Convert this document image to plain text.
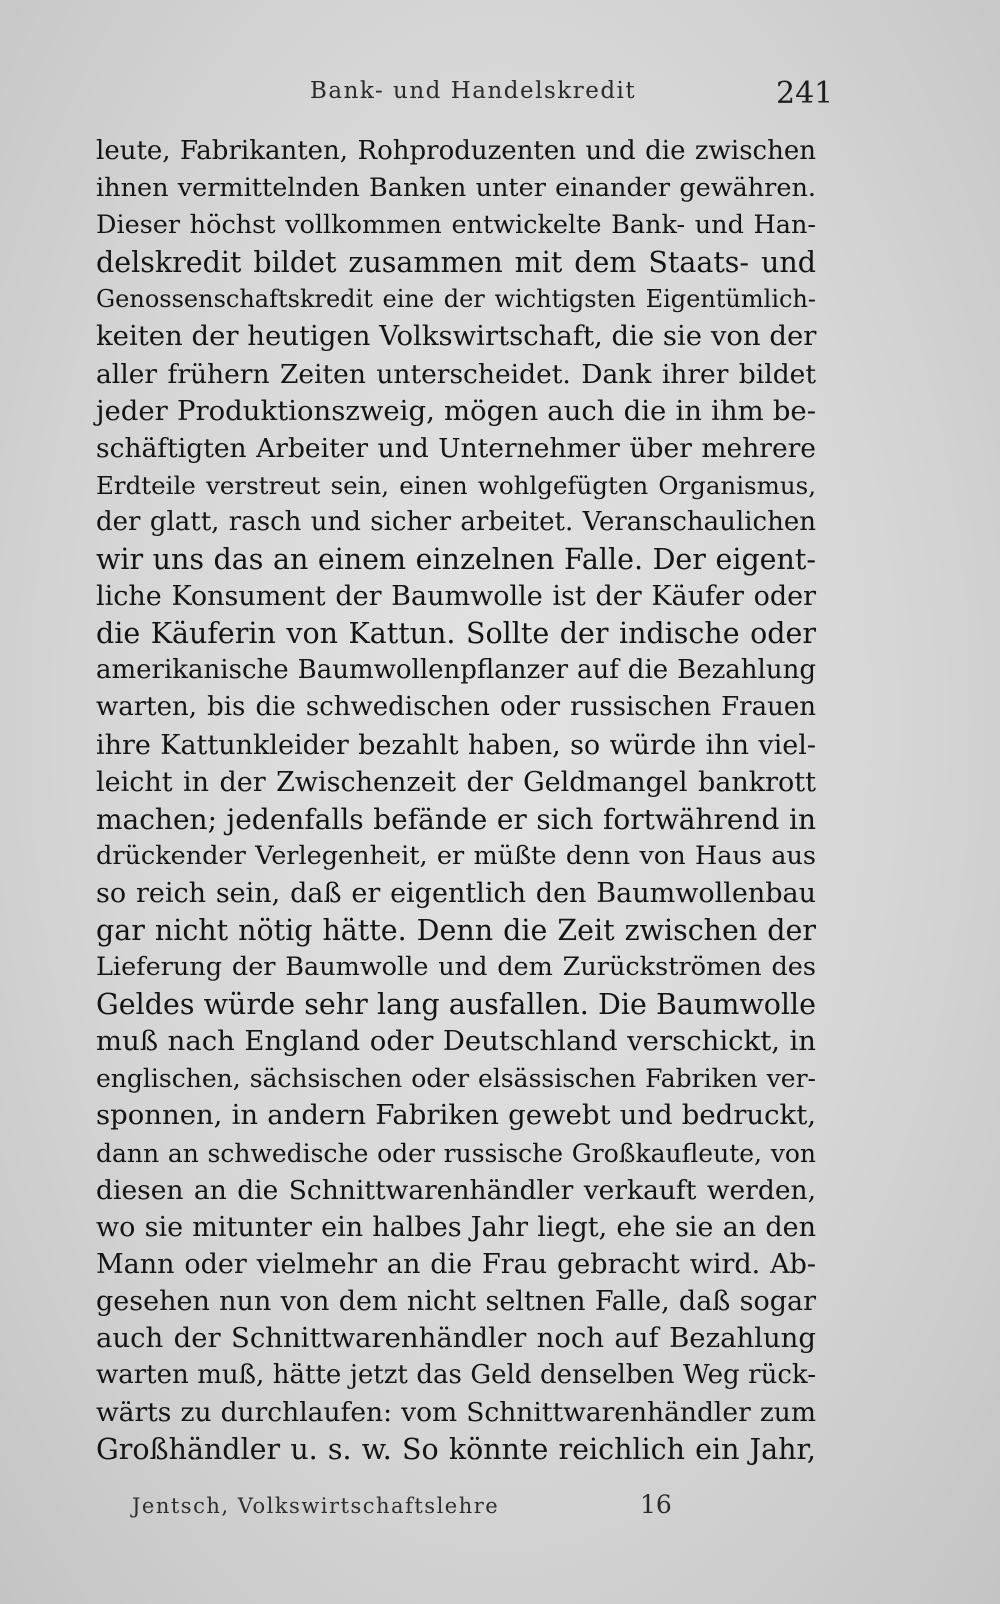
Bank- und Handelskredit	241
leute, Fabrikanten, Rohproduzenten und die zwischen
ihnen vermittelnden Banken unter einander gewähren.
Dieser höchst vollkommen entwickelte Bank- und Han-
delskredit bildet zusammen mit dem Staats- und
Genossenschaftskredit eine der wichtigsten Eigentümlich-
keiten der heutigen Volkswirtschaft, die sie von der
aller frühern Zeiten unterscheidet. Dank ihrer bildet
jeder Produktionszweig, mögen auch die in ihm be-
schäftigten Arbeiter und Unternehmer über mehrere
Erdteile verstreut sein, einen wohlgefügten Organismus,
der glatt, rasch und sicher arbeitet. Veranschaulichen
wir uns das an einem einzelnen Falle. Der eigent-
liche Konsument der Baumwolle ist der Käufer oder
die Käuferin von Kattun. Sollte der indische oder
amerikanische Baumwollenpflanzer auf die Bezahlung
warten, bis die schwedischen oder russischen Frauen
ihre Kattunkleider bezahlt haben, so würde ihn viel-
leicht in der Zwischenzeit der Geldmangel bankrott
machen; jedenfalls befände er sich fortwährend in
drückender Verlegenheit, er müßte denn von Haus aus
so reich sein, daß er eigentlich den Baumwollenbau
gar nicht nötig hätte. Denn die Zeit zwischen der
Lieferung der Baumwolle und dem Zurückströmen des
Geldes würde sehr lang ausfallen. Die Baumwolle
muß nach England oder Deutschland verschickt, in
englischen, sächsischen oder elsässischen Fabriken ver-
sponnen, in andern Fabriken gewebt und bedruckt,
dann an schwedische oder russische Großkaufleute, von
diesen an die Schnittwarenhändler verkauft werden,
wo sie mitunter ein halbes Jahr liegt, ehe sie an den
Mann oder vielmehr an die Frau gebracht wird. Ab-
gesehen nun von dem nicht seltnen Falle, daß sogar
auch der Schnittwarenhändler noch auf Bezahlung
warten muß, hätte jetzt das Geld denselben Weg rück-
wärts zu durchlaufen: vom Schnittwarenhändler zum
Großhändler u. s. w. So könnte reichlich ein Jahr,
Jentsch, Volkswirtschaftslehre	16
